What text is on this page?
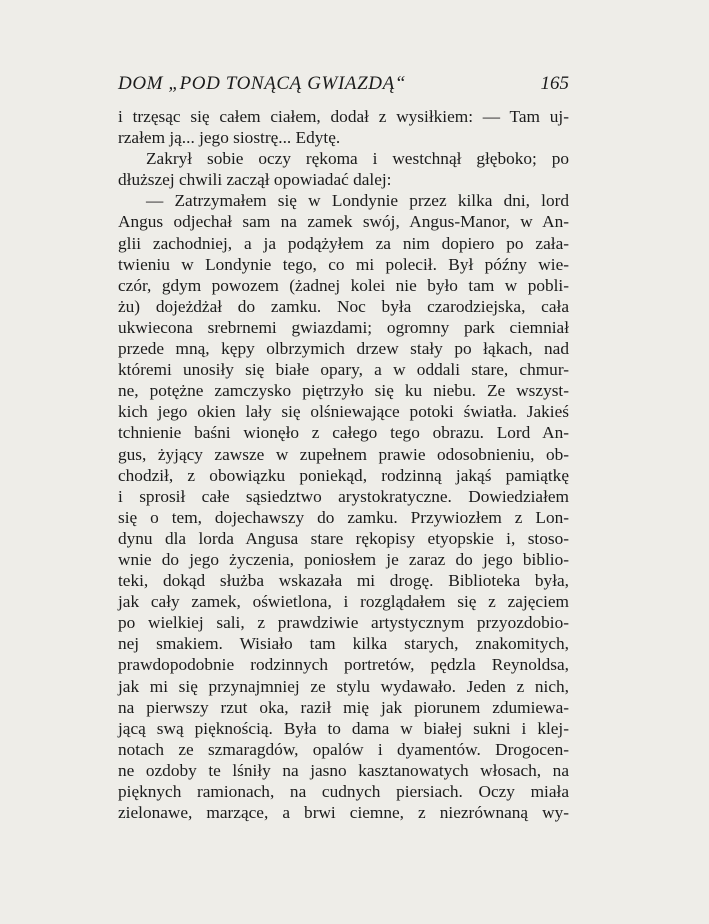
DOM „POD TONĄCĄ GWIAZDĄ“	165
i trzęsąc się całem ciałem, dodał z wysiłkiem: — Tam uj-
rzałem ją... jego siostrę... Edytę.
Zakrył sobie oczy rękoma i westchnął głęboko; po
dłuższej chwili zaczął opowiadać dalej:
— Zatrzymałem się w Londynie przez kilka dni, lord
Angus odjechał sam na zamek swój, Angus-Manor, w An-
glii zachodniej, a ja podążyłem za nim dopiero po zała-
twieniu w Londynie tego, co mi polecił. Był późny wie-
czór, gdym powozem (żadnej kolei nie było tam w pobli-
żu) dojeżdżał do zamku. Noc była czarodziejska, cała
ukwiecona srebrnemi gwiazdami; ogromny park ciemniał
przede mną, kępy olbrzymich drzew stały po łąkach, nad
któremi unosiły się białe opary, a w oddali stare, chmur-
ne, potężne zamczysko piętrzyło się ku niebu. Ze wszyst-
kich jego okien lały się olśniewające potoki światła. Jakieś
tchnienie baśni wionęło z całego tego obrazu. Lord An-
gus, żyjący zawsze w zupełnem prawie odosobnieniu, ob-
chodził, z obowiązku poniekąd, rodzinną jakąś pamiątkę
i sprosił całe sąsiedztwo arystokratyczne. Dowiedziałem
się o tem, dojechawszy do zamku. Przywiozłem z Lon-
dynu dla lorda Angusa stare rękopisy etyopskie i, stoso-
wnie do jego życzenia, poniosłem je zaraz do jego biblio-
teki, dokąd służba wskazała mi drogę. Biblioteka była,
jak cały zamek, oświetlona, i rozglądałem się z zajęciem
po wielkiej sali, z prawdziwie artystycznym przyozdobio-
nej smakiem. Wisiało tam kilka starych, znakomitych,
prawdopodobnie rodzinnych portretów, pędzla Reynoldsa,
jak mi się przynajmniej ze stylu wydawało. Jeden z nich,
na pierwszy rzut oka, raził mię jak piorunem zdumiewa-
jącą swą pięknością. Była to dama w białej sukni i klej-
notach ze szmaragdów, opalów i dyamentów. Drogocen-
ne ozdoby te lśniły na jasno kasztanowatych włosach, na
pięknych ramionach, na cudnych piersiach. Oczy miała
zielonawe, marzące, a brwi ciemne, z niezrównaną wy-
